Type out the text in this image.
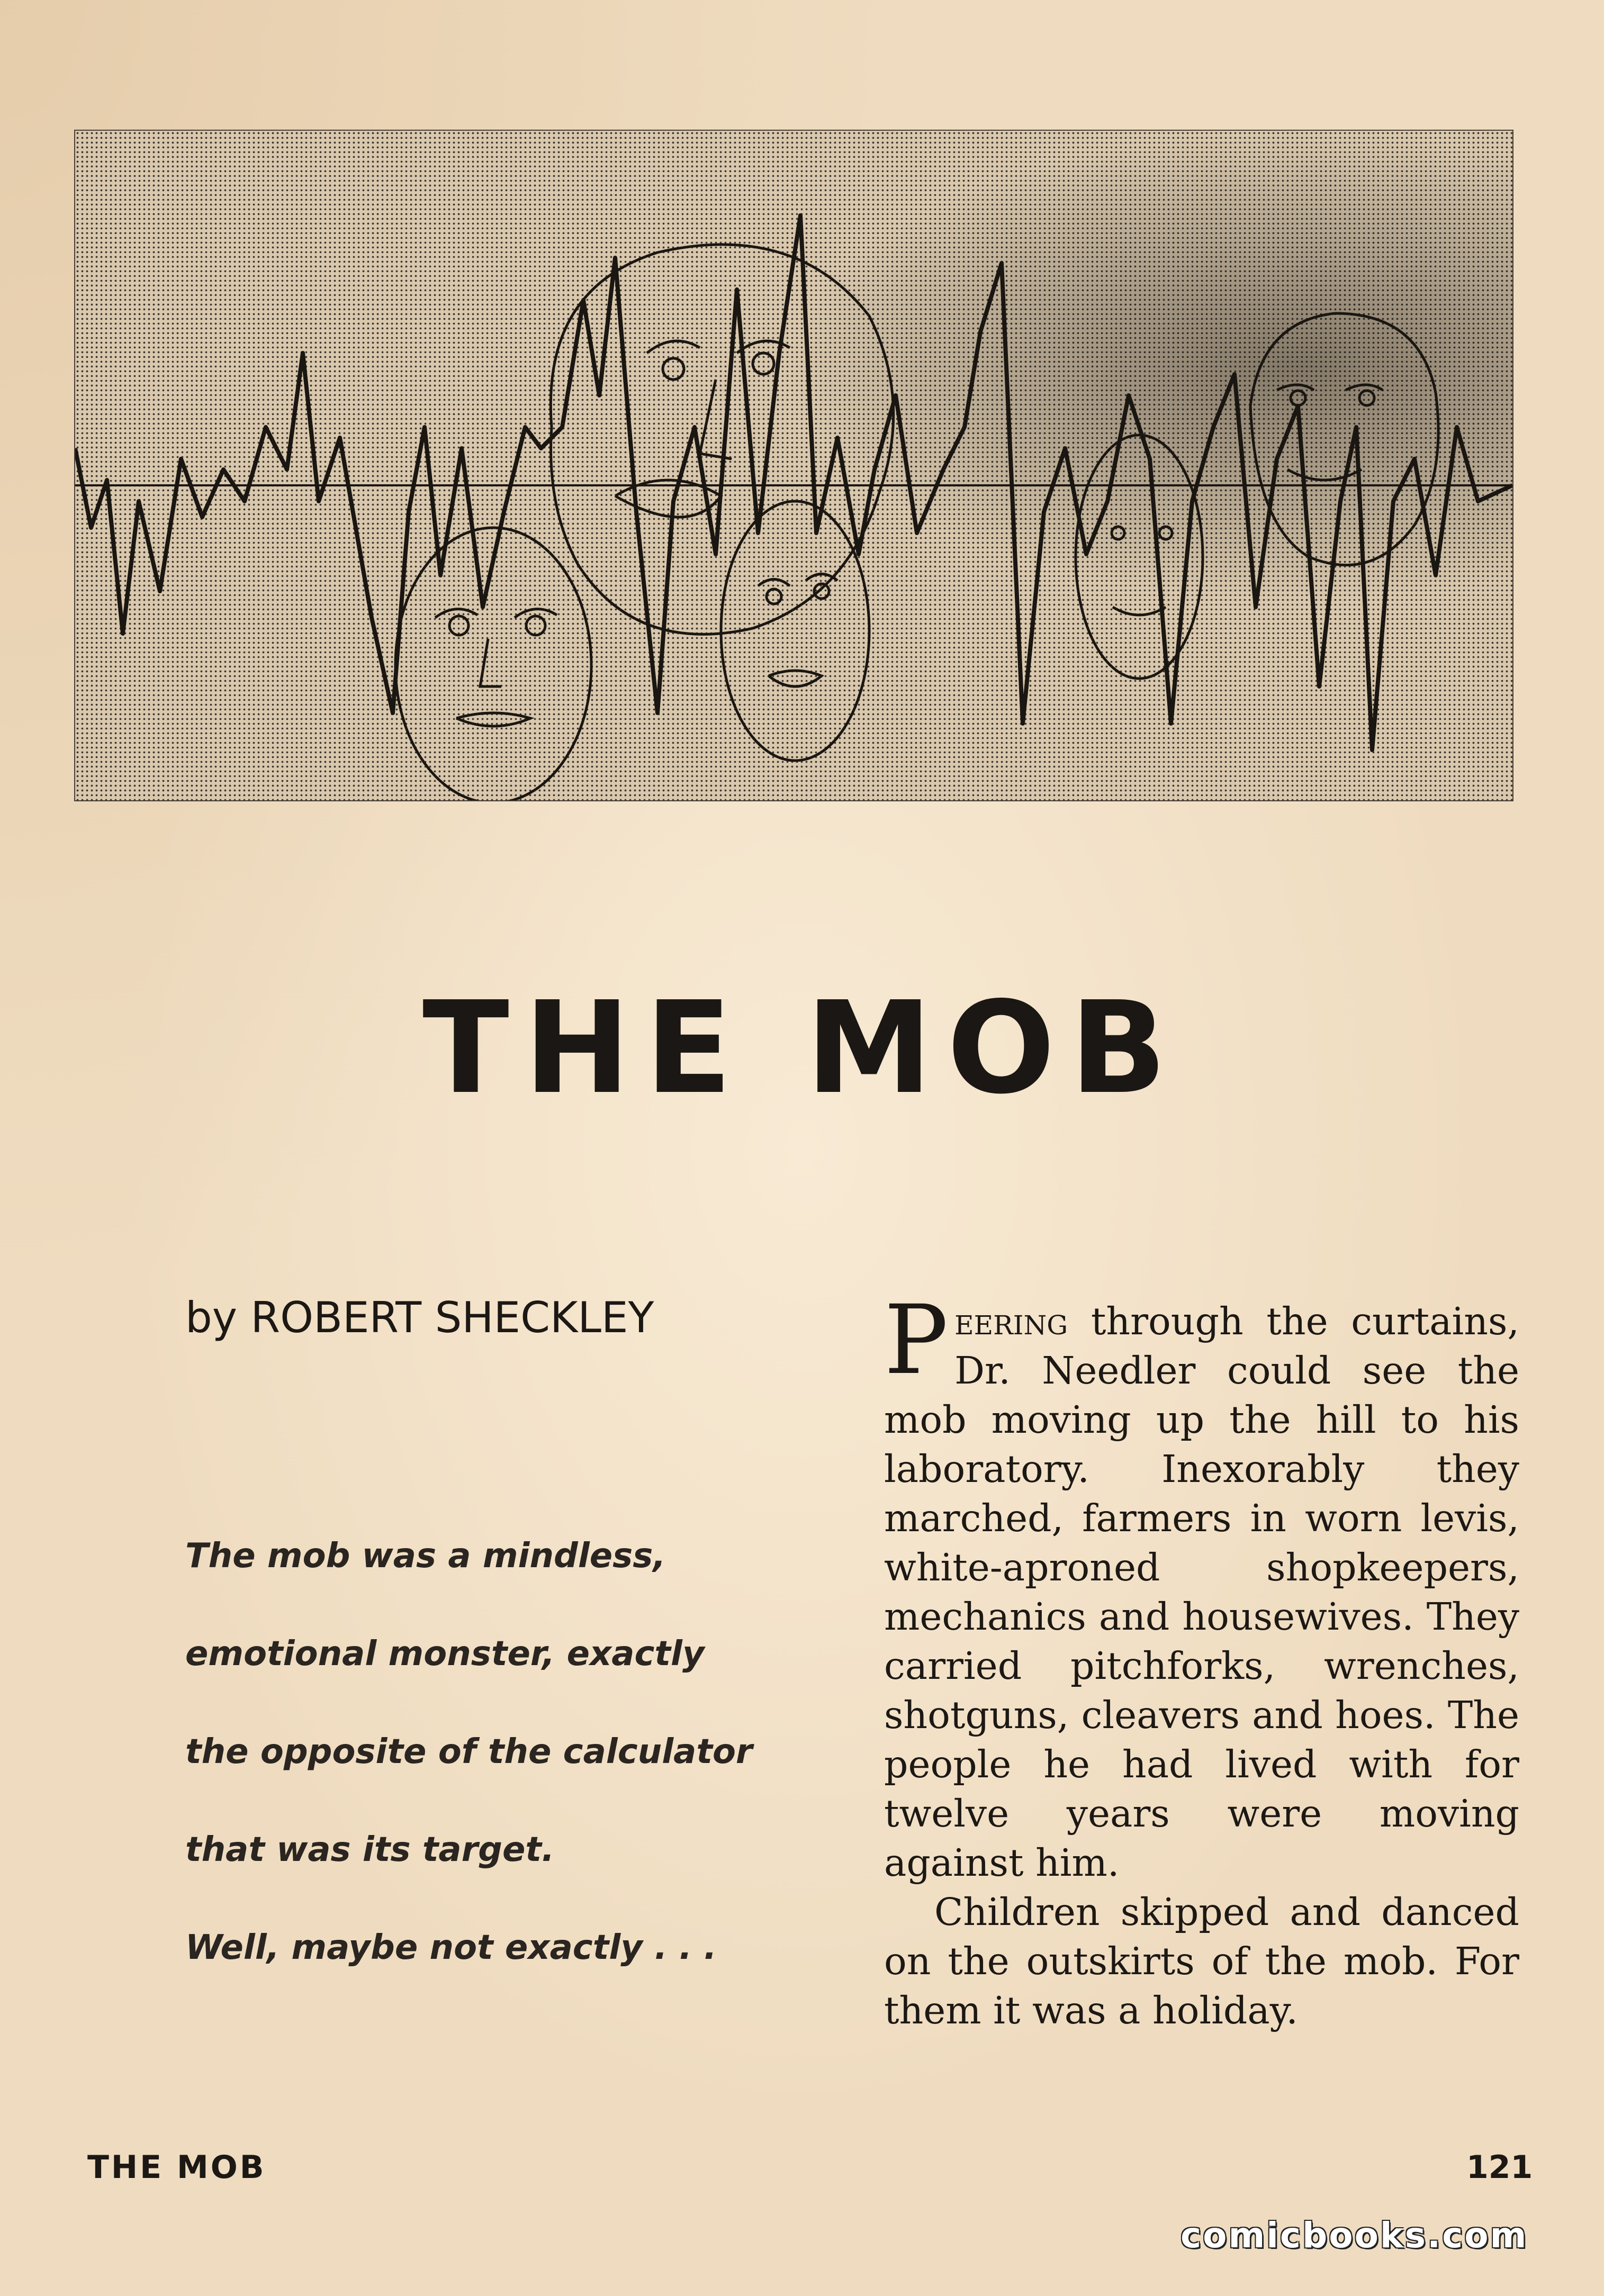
THE MOB
by ROBERT SHECKLEY
The mob was a mindless,
emotional monster, exactly
the opposite of the calculator
that was its target.
Well, maybe not exactly . . .

Peering through the curtains, Dr. Needler could see the mob moving up the hill to his laboratory. Inexorably they marched, farmers in worn levis, white-aproned shopkeepers, mechanics and housewives. They carried pitchforks, wrenches, shotguns, cleavers and hoes. The people he had lived with for twelve years were moving against him.

Children skipped and danced on the outskirts of the mob. For them it was a holiday.

THE MOB	121
comicbooks.com
